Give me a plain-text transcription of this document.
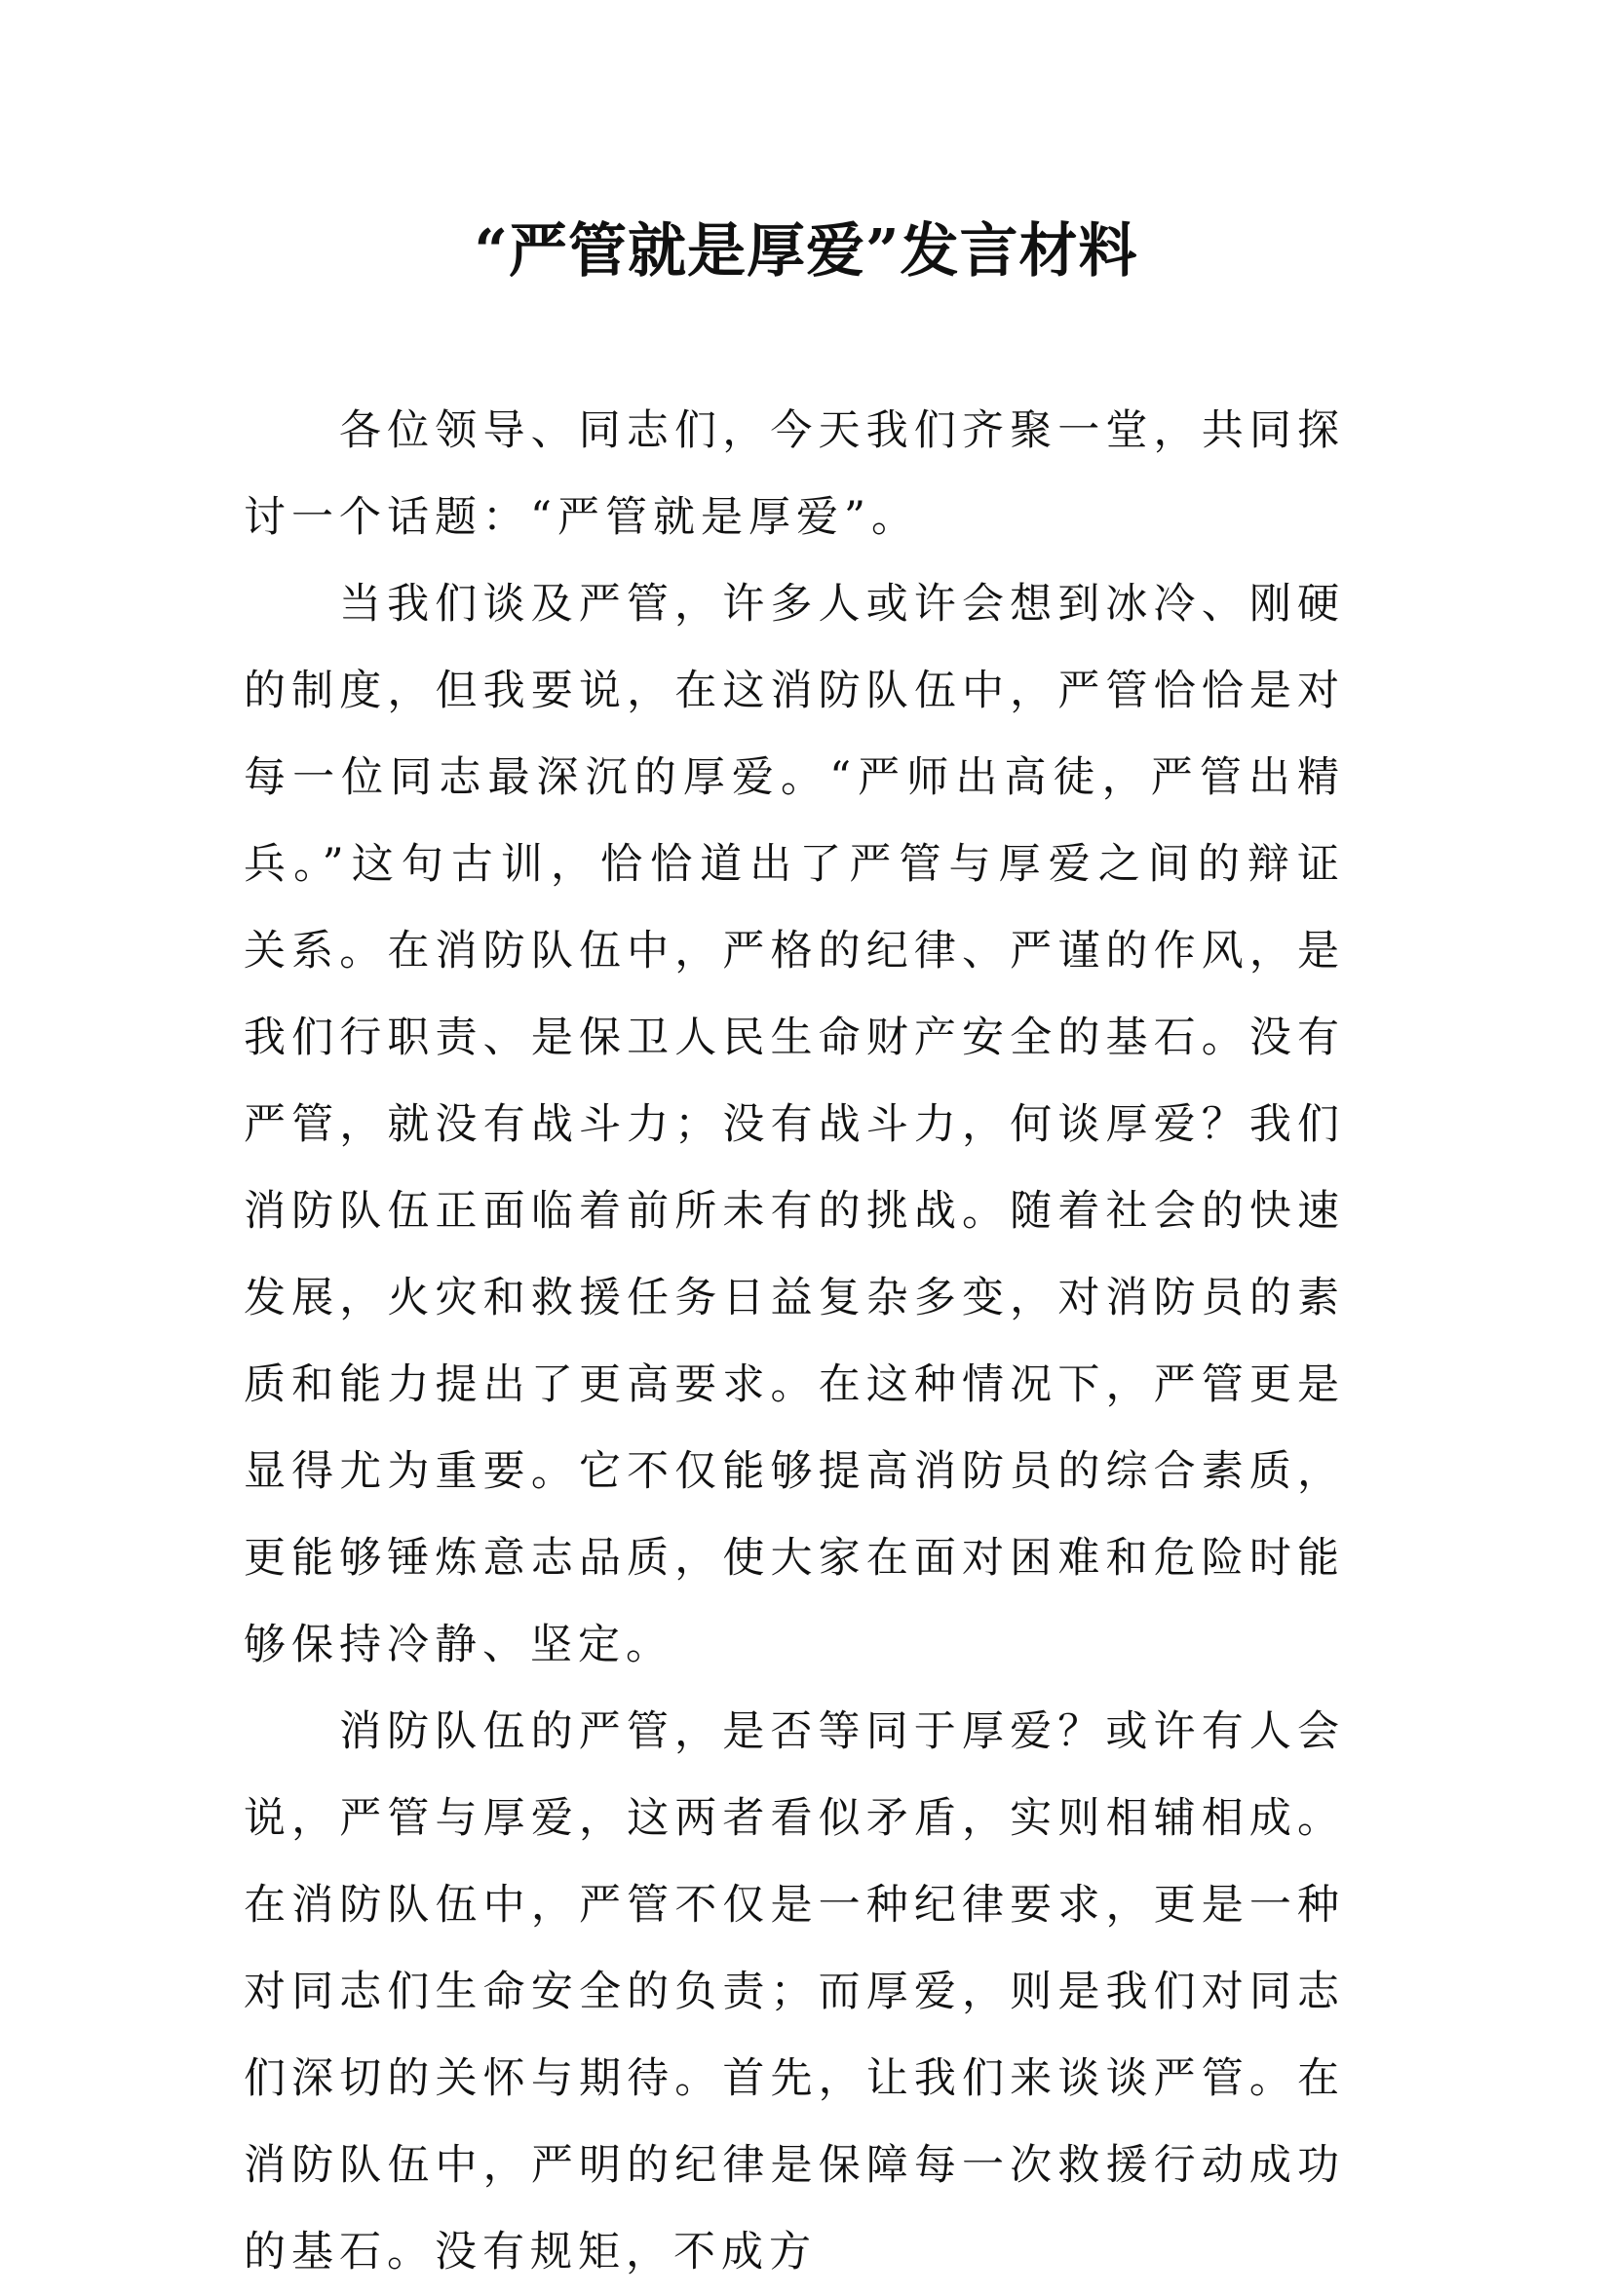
“严管就是厚爱”发言材料

各位领导、同志们，今天我们齐聚一堂，共同探讨一个话题：“严管就是厚爱”。

当我们谈及严管，许多人或许会想到冰冷、刚硬的制度，但我要说，在这消防队伍中，严管恰恰是对每一位同志最深沉的厚爱。“严师出高徒，严管出精兵。”这句古训，恰恰道出了严管与厚爱之间的辩证关系。在消防队伍中，严格的纪律、严谨的作风，是我们行职责、是保卫人民生命财产安全的基石。没有严管，就没有战斗力；没有战斗力，何谈厚爱？我们消防队伍正面临着前所未有的挑战。随着社会的快速发展，火灾和救援任务日益复杂多变，对消防员的素质和能力提出了更高要求。在这种情况下，严管更是显得尤为重要。它不仅能够提高消防员的综合素质，更能够锤炼意志品质，使大家在面对困难和危险时能够保持冷静、坚定。

消防队伍的严管，是否等同于厚爱？或许有人会说，严管与厚爱，这两者看似矛盾，实则相辅相成。在消防队伍中，严管不仅是一种纪律要求，更是一种对同志们生命安全的负责；而厚爱，则是我们对同志们深切的关怀与期待。首先，让我们来谈谈严管。在消防队伍中，严明的纪律是保障每一次救援行动成功的基石。没有规矩，不成方
